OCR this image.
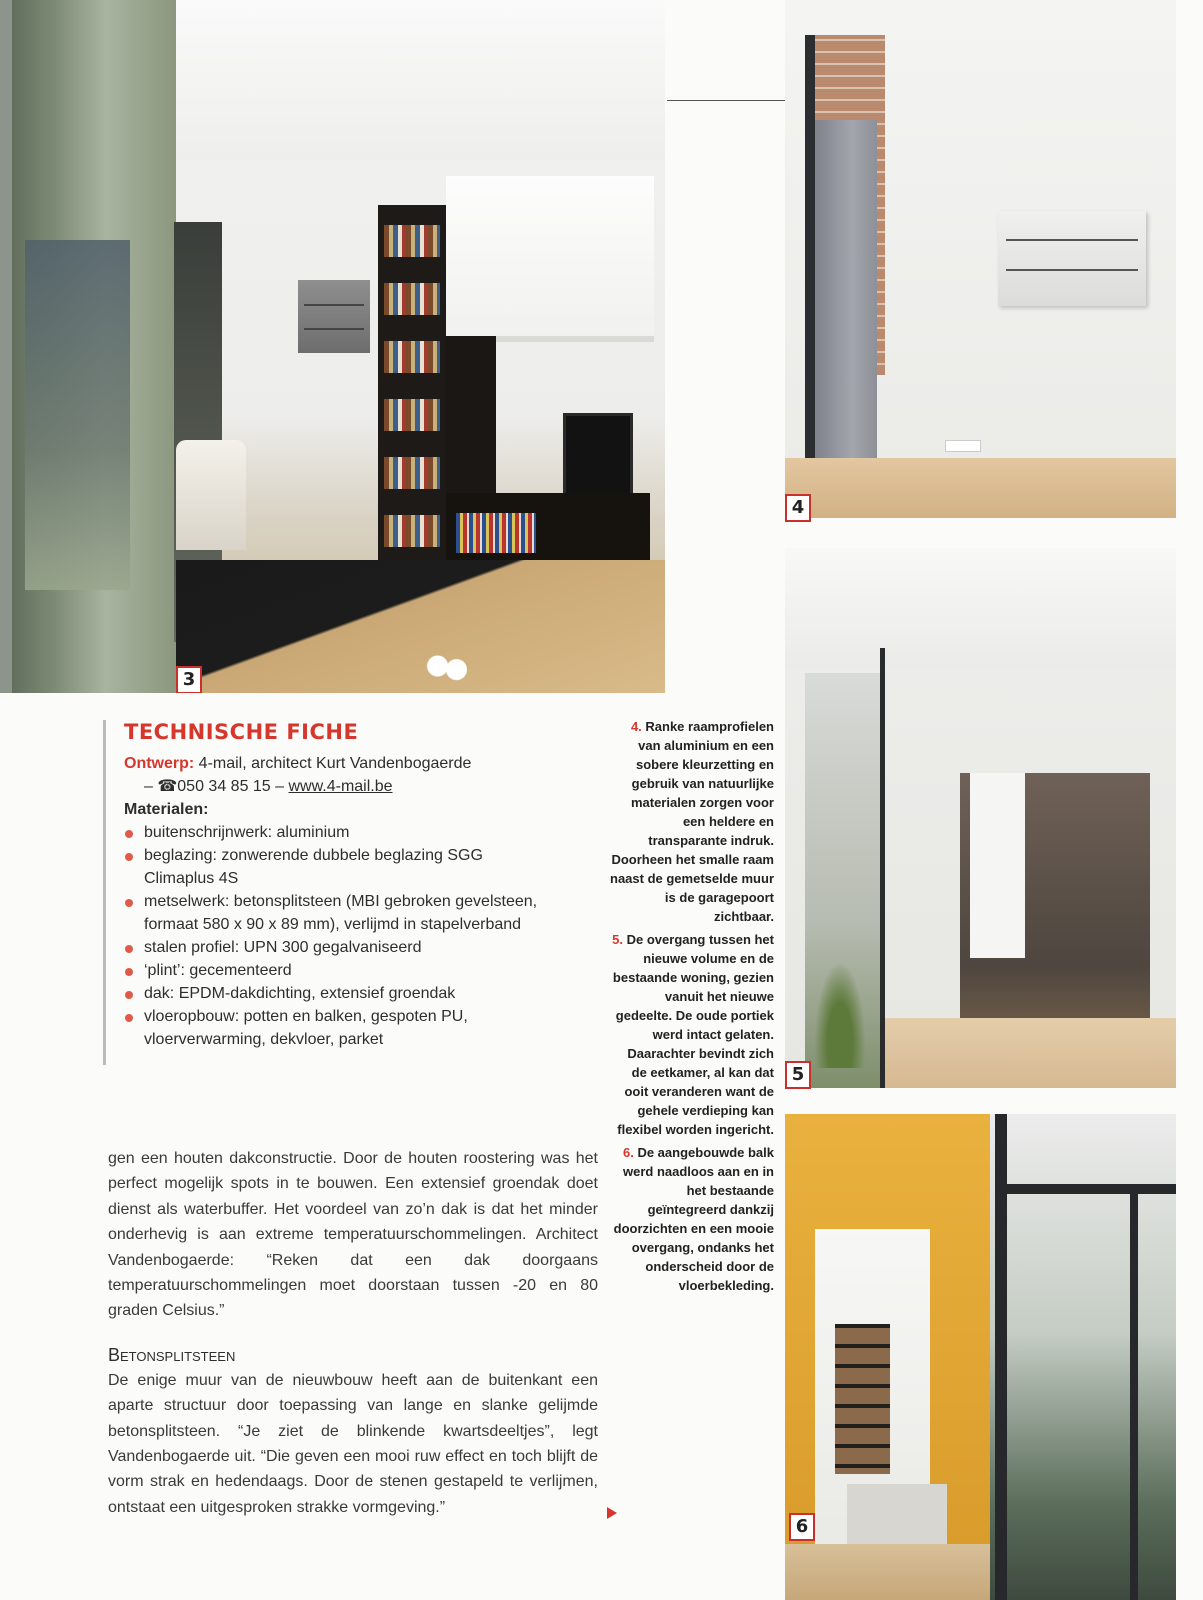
3
4
5
6
TECHNISCHE FICHE

Ontwerp: 4-mail, architect Kurt Vandenbogaerde

– ☎050 34 85 15 – www.4-mail.be

Materialen:

buitenschrijnwerk: aluminium
beglazing: zonwerende dubbele beglazing SGG Climaplus 4S
metselwerk: betonsplitsteen (MBI gebroken gevelsteen, formaat 580 x 90 x 89 mm), verlijmd in stapelverband
stalen profiel: UPN 300 gegalvaniseerd
‘plint’: gecementeerd
dak: EPDM-dakdichting, extensief groendak
vloeropbouw: potten en balken, gespoten PU, vloerverwarming, dekvloer, parket

4. Ranke raamprofielen van aluminium en een sobere kleurzetting en gebruik van natuurlijke materialen zorgen voor een heldere en transparante indruk. Doorheen het smalle raam naast de gemetselde muur is de garagepoort zichtbaar.

5. De overgang tussen het nieuwe volume en de bestaande woning, gezien vanuit het nieuwe gedeelte. De oude portiek werd intact gelaten. Daarachter bevindt zich de eetkamer, al kan dat ooit veranderen want de gehele verdieping kan flexibel worden ingericht.

6. De aangebouwde balk werd naadloos aan en in het bestaande geïntegreerd dankzij doorzichten en een mooie overgang, ondanks het onderscheid door de vloerbekleding.

gen een houten dakconstructie. Door de houten roostering was het perfect mogelijk spots in te bouwen. Een extensief groendak doet dienst als waterbuffer. Het voordeel van zo’n dak is dat het minder onderhevig is aan extreme temperatuurschommelingen. Architect Vandenbogaerde: “Reken dat een dak doorgaans temperatuurschommelingen moet doorstaan tussen -20 en 80 graden Celsius.”

Betonsplitsteen

De enige muur van de nieuwbouw heeft aan de buitenkant een aparte structuur door toepassing van lange en slanke gelijmde betonsplitsteen. “Je ziet de blinkende kwartsdeeltjes”, legt Vandenbogaerde uit. “Die geven een mooi ruw effect en toch blijft de vorm strak en hedendaags. Door de stenen gestapeld te verlijmen, ontstaat een uitgesproken strakke vormgeving.”
